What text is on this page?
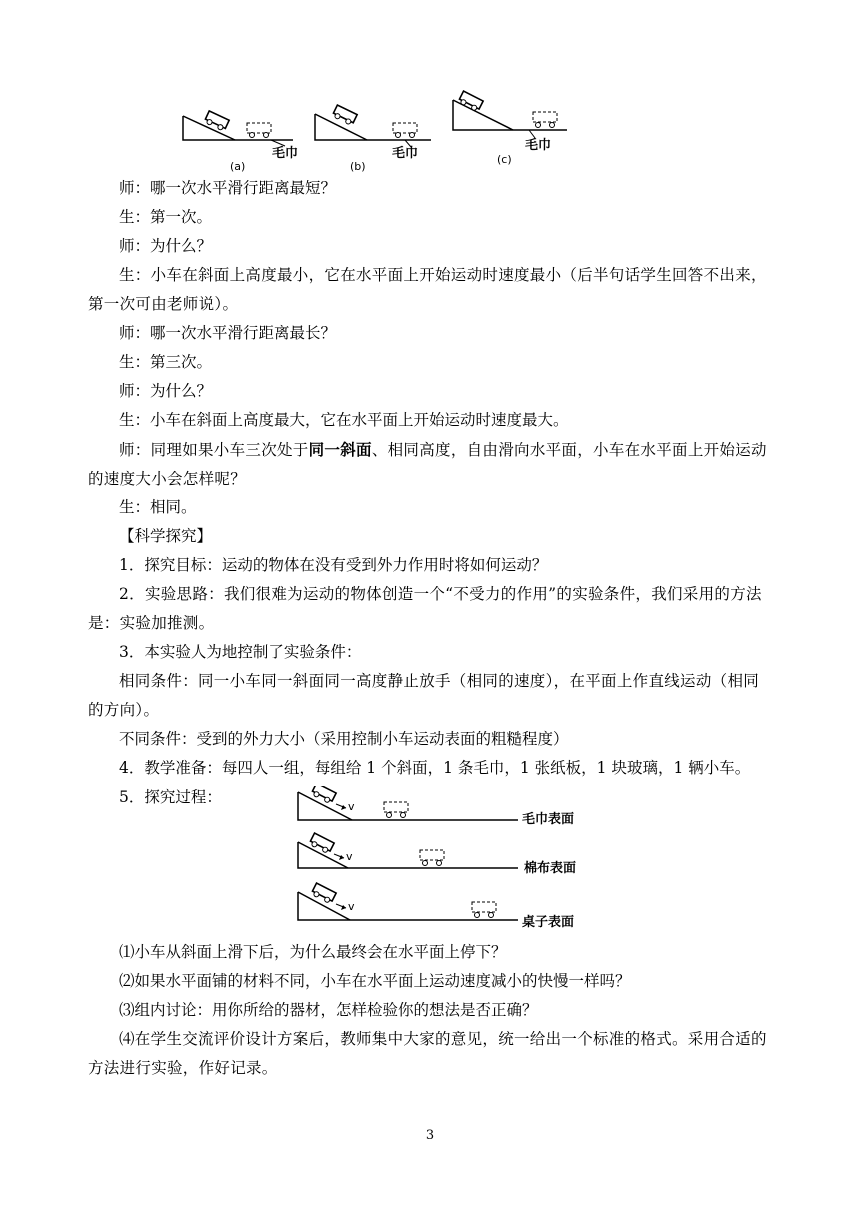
毛巾
(a)
毛巾
(b)
毛巾
(c)
师：哪一次水平滑行距离最短？
生：第一次。
师：为什么？
生：小车在斜面上高度最小，它在水平面上开始运动时速度最小（后半句话学生回答不出来，第一次可由老师说）。
师：哪一次水平滑行距离最长？
生：第三次。
师：为什么？
生：小车在斜面上高度最大，它在水平面上开始运动时速度最大。
师：同理如果小车三次处于同一斜面、相同高度，自由滑向水平面，小车在水平面上开始运动的速度大小会怎样呢？
生：相同。
【科学探究】
1．探究目标：运动的物体在没有受到外力作用时将如何运动？
2．实验思路：我们很难为运动的物体创造一个“不受力的作用”的实验条件，我们采用的方法是：实验加推测。
3．本实验人为地控制了实验条件：
相同条件：同一小车同一斜面同一高度静止放手（相同的速度），在平面上作直线运动（相同的方向）。
不同条件：受到的外力大小（采用控制小车运动表面的粗糙程度）
4．教学准备：每四人一组，每组给 1 个斜面，1 条毛巾，1 张纸板，1 块玻璃，1 辆小车。
5．探究过程：
v
毛巾表面
v
棉布表面
v
桌子表面
⑴小车从斜面上滑下后，为什么最终会在水平面上停下？
⑵如果水平面铺的材料不同，小车在水平面上运动速度减小的快慢一样吗？
⑶组内讨论：用你所给的器材，怎样检验你的想法是否正确？
⑷在学生交流评价设计方案后，教师集中大家的意见，统一给出一个标准的格式。采用合适的方法进行实验，作好记录。
3
